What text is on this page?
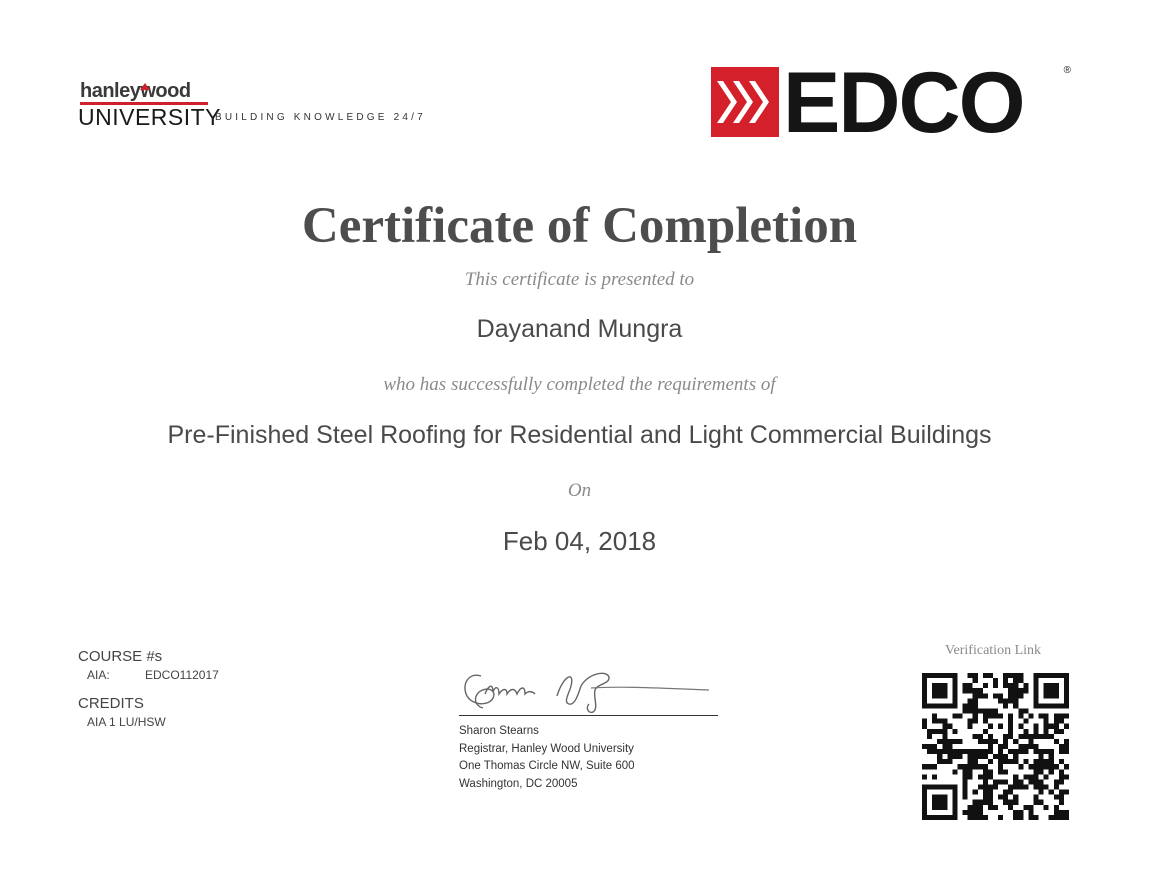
hanleywood
UNIVERSITY
BUILDING KNOWLEDGE 24/7	EDCO	®
Certificate of Completion
This certificate is presented to
Dayanand Mungra
who has successfully completed the requirements of
Pre-Finished Steel Roofing for Residential and Light Commercial Buildings
On
Feb 04, 2018
COURSE #s
AIA:	EDCO112017
CREDITS
AIA 1 LU/HSW
Sharon Stearns
Registrar, Hanley Wood University
One Thomas Circle NW, Suite 600
Washington, DC 20005
Verification Link
